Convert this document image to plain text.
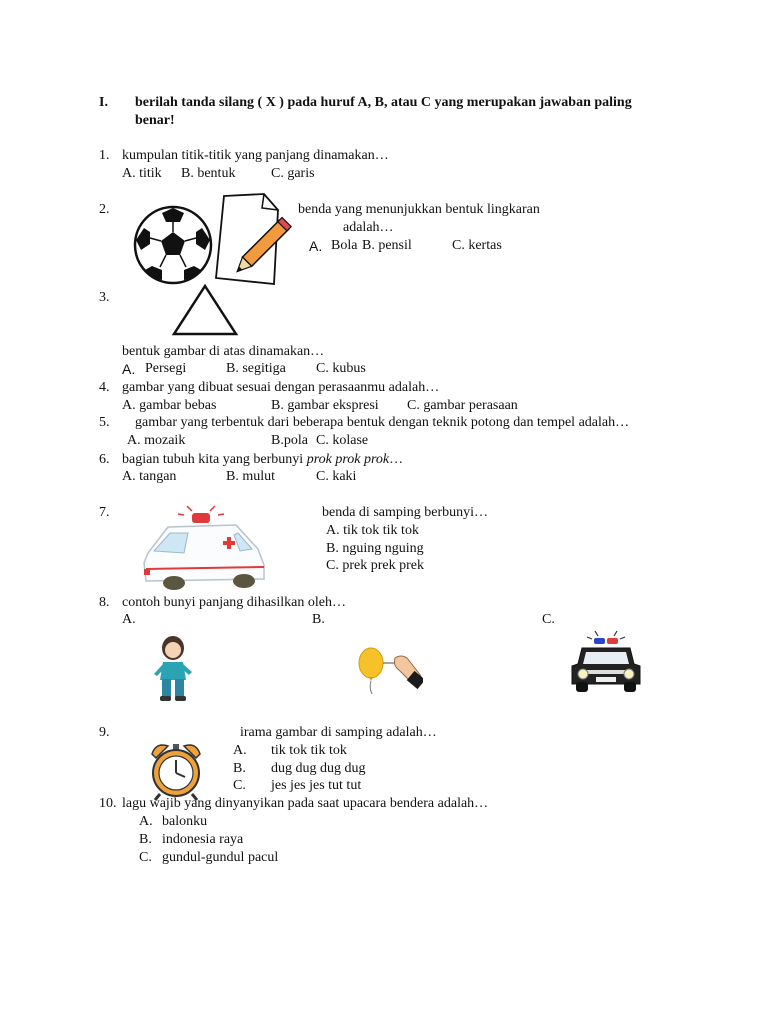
I. berilah tanda silang ( X ) pada huruf A, B, atau C yang merupakan jawaban paling
benar!
1. kumpulan titik-titik yang panjang dinamakan…
A. titik B. bentuk	C. garis
2.	benda yang menunjukkan bentuk lingkaran
adalah…
A. Bola B. pensil	C. kertas
3.
bentuk gambar di atas dinamakan…
A. Persegi	B. segitiga C. kubus
4. gambar yang dibuat sesuai dengan perasaanmu adalah…
A. gambar bebas	B. gambar ekspresi C. gambar perasaan
5. gambar yang terbentuk dari beberapa bentuk dengan teknik potong dan tempel adalah…
A. mozaik	B.pola C. kolase
6. bagian tubuh kita yang berbunyi prok prok prok…
A. tangan	B. mulut	C. kaki
7.	benda di samping berbunyi…
A. tik tok tik tok
B. nguing nguing
C. prek prek prek
8. contoh bunyi panjang dihasilkan oleh…
A.	B.	C.
9.	irama gambar di samping adalah…
A. tik tok tik tok
B. dug dug dug dug
C. jes jes jes tut tut
10. lagu wajib yang dinyanyikan pada saat upacara bendera adalah…
A. balonku
B. indonesia raya
C. gundul-gundul pacul
